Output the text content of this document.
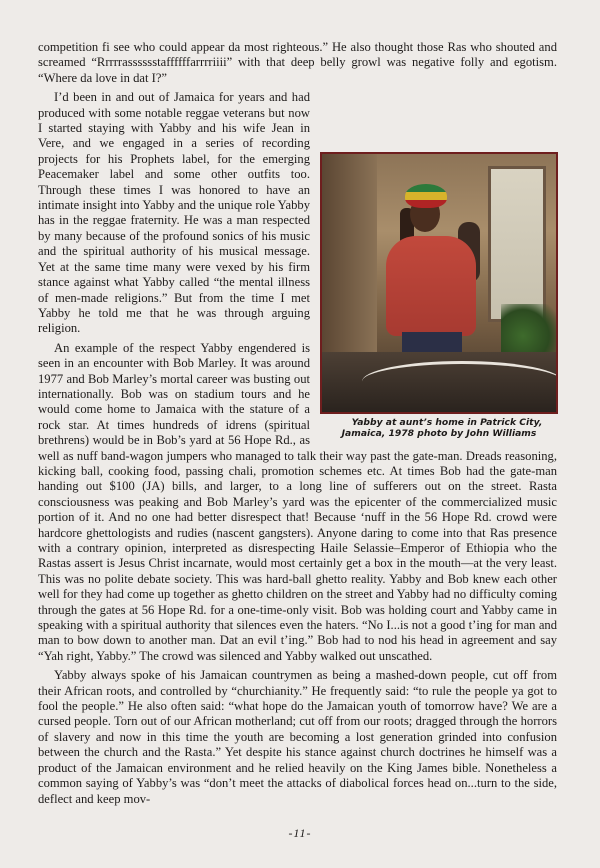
competition fi see who could appear da most righteous.” He also thought those Ras who shouted and screamed “Rrrrrasssssstaffffffarrrriiii” with that deep belly growl was negative folly and egotism. “Where da love in dat I?”

Yabby at aunt’s home in Patrick City,
Jamaica, 1978 photo by John Williams
I’d been in and out of Jamaica for years and had produced with some notable reggae veterans but now I started staying with Yabby and his wife Jean in Vere, and we engaged in a series of recording projects for his Prophets label, for the emerging Peacemaker label and some other outfits too. Through these times I was honored to have an intimate insight into Yabby and the unique role Yabby has in the reggae fraternity. He was a man respected by many because of the profound sonics of his music and the spiritual authority of his musical message. Yet at the same time many were vexed by his firm stance against what Yabby called “the mental illness of men-made religions.” But from the time I met Yabby he told me that he was through arguing religion.

An example of the respect Yabby engendered is seen in an encounter with Bob Marley. It was around 1977 and Bob Marley’s mortal career was busting out internationally. Bob was on stadium tours and he would come home to Jamaica with the stature of a rock star. At times hundreds of idrens (spiritual brethrens) would be in Bob’s yard at 56 Hope Rd., as well as nuff band-wagon jumpers who managed to talk their way past the gate-man. Dreads reasoning, kicking ball, cooking food, passing chali, promotion schemes etc. At times Bob had the gate-man handing out $100 (JA) bills, and larger, to a long line of sufferers out on the street. Rasta consciousness was peaking and Bob Marley’s yard was the epicenter of the commercialized music portion of it. And no one had better disrespect that! Because ‘nuff in the 56 Hope Rd. crowd were hardcore ghettologists and rudies (nascent gangsters). Anyone daring to come into that Ras presence with a contrary opinion, interpreted as disrespecting Haile Selassie–Emperor of Ethiopia who the Rastas assert is Jesus Christ incarnate, would most certainly get a box in the mouth—at the very least. This was no polite debate society. This was hard-ball ghetto reality. Yabby and Bob knew each other well for they had come up together as ghetto children on the street and Yabby had no difficulty coming through the gates at 56 Hope Rd. for a one-time-only visit. Bob was holding court and Yabby came in speaking with a spiritual authority that silences even the haters. “No I...is not a good t’ing for man and man to bow down to another man. Dat an evil t’ing.” Bob had to nod his head in agreement and say “Yah right, Yabby.” The crowd was silenced and Yabby walked out unscathed.

Yabby always spoke of his Jamaican countrymen as being a mashed-down people, cut off from their African roots, and controlled by “churchianity.” He frequently said: “to rule the people ya got to fool the people.” He also often said: “what hope do the Jamaican youth of tomorrow have? We are a cursed people. Torn out of our African motherland; cut off from our roots; dragged through the horrors of slavery and now in this time the youth are becoming a lost generation grinded into confusion between the church and the Rasta.” Yet despite his stance against church doctrines he himself was a product of the Jamaican environment and he relied heavily on the King James bible. Nonetheless a common saying of Yabby’s was “don’t meet the attacks of diabolical forces head on...turn to the side, deflect and keep mov-

-11-
